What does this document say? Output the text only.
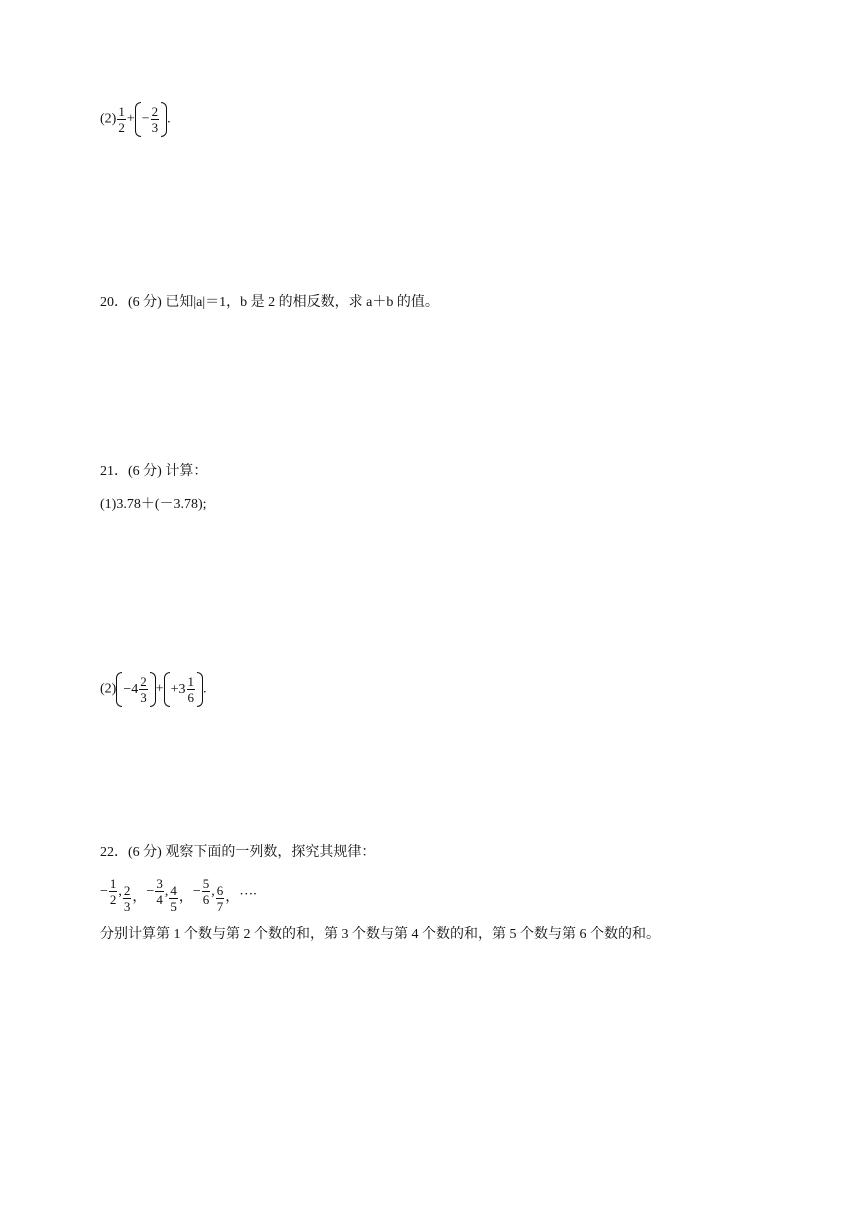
$(2) \frac{1}{2}$ + − $\frac{2}{3}$ .
20．(6 分) 已知|a|＝1，b 是 2 的相反数，求 a＋b 的值。
21．(6 分) 计算：
(1)3.78＋(－3.78);
$(2) - 4 \frac{2}{3}$ + + $3 \frac{1}{6}$ .
22．(6 分) 观察下面的一列数，探究其规律：
− $\frac{1}{2}$ , $\frac{2}{3}$ ， − $\frac{3}{4}$ , $\frac{4}{5}$ ， − $\frac{5}{6}$ , $\frac{6}{7}$ ， ….
分别计算第 1 个数与第 2 个数的和，第 3 个数与第 4 个数的和，第 5 个数与第 6 个数的和。
